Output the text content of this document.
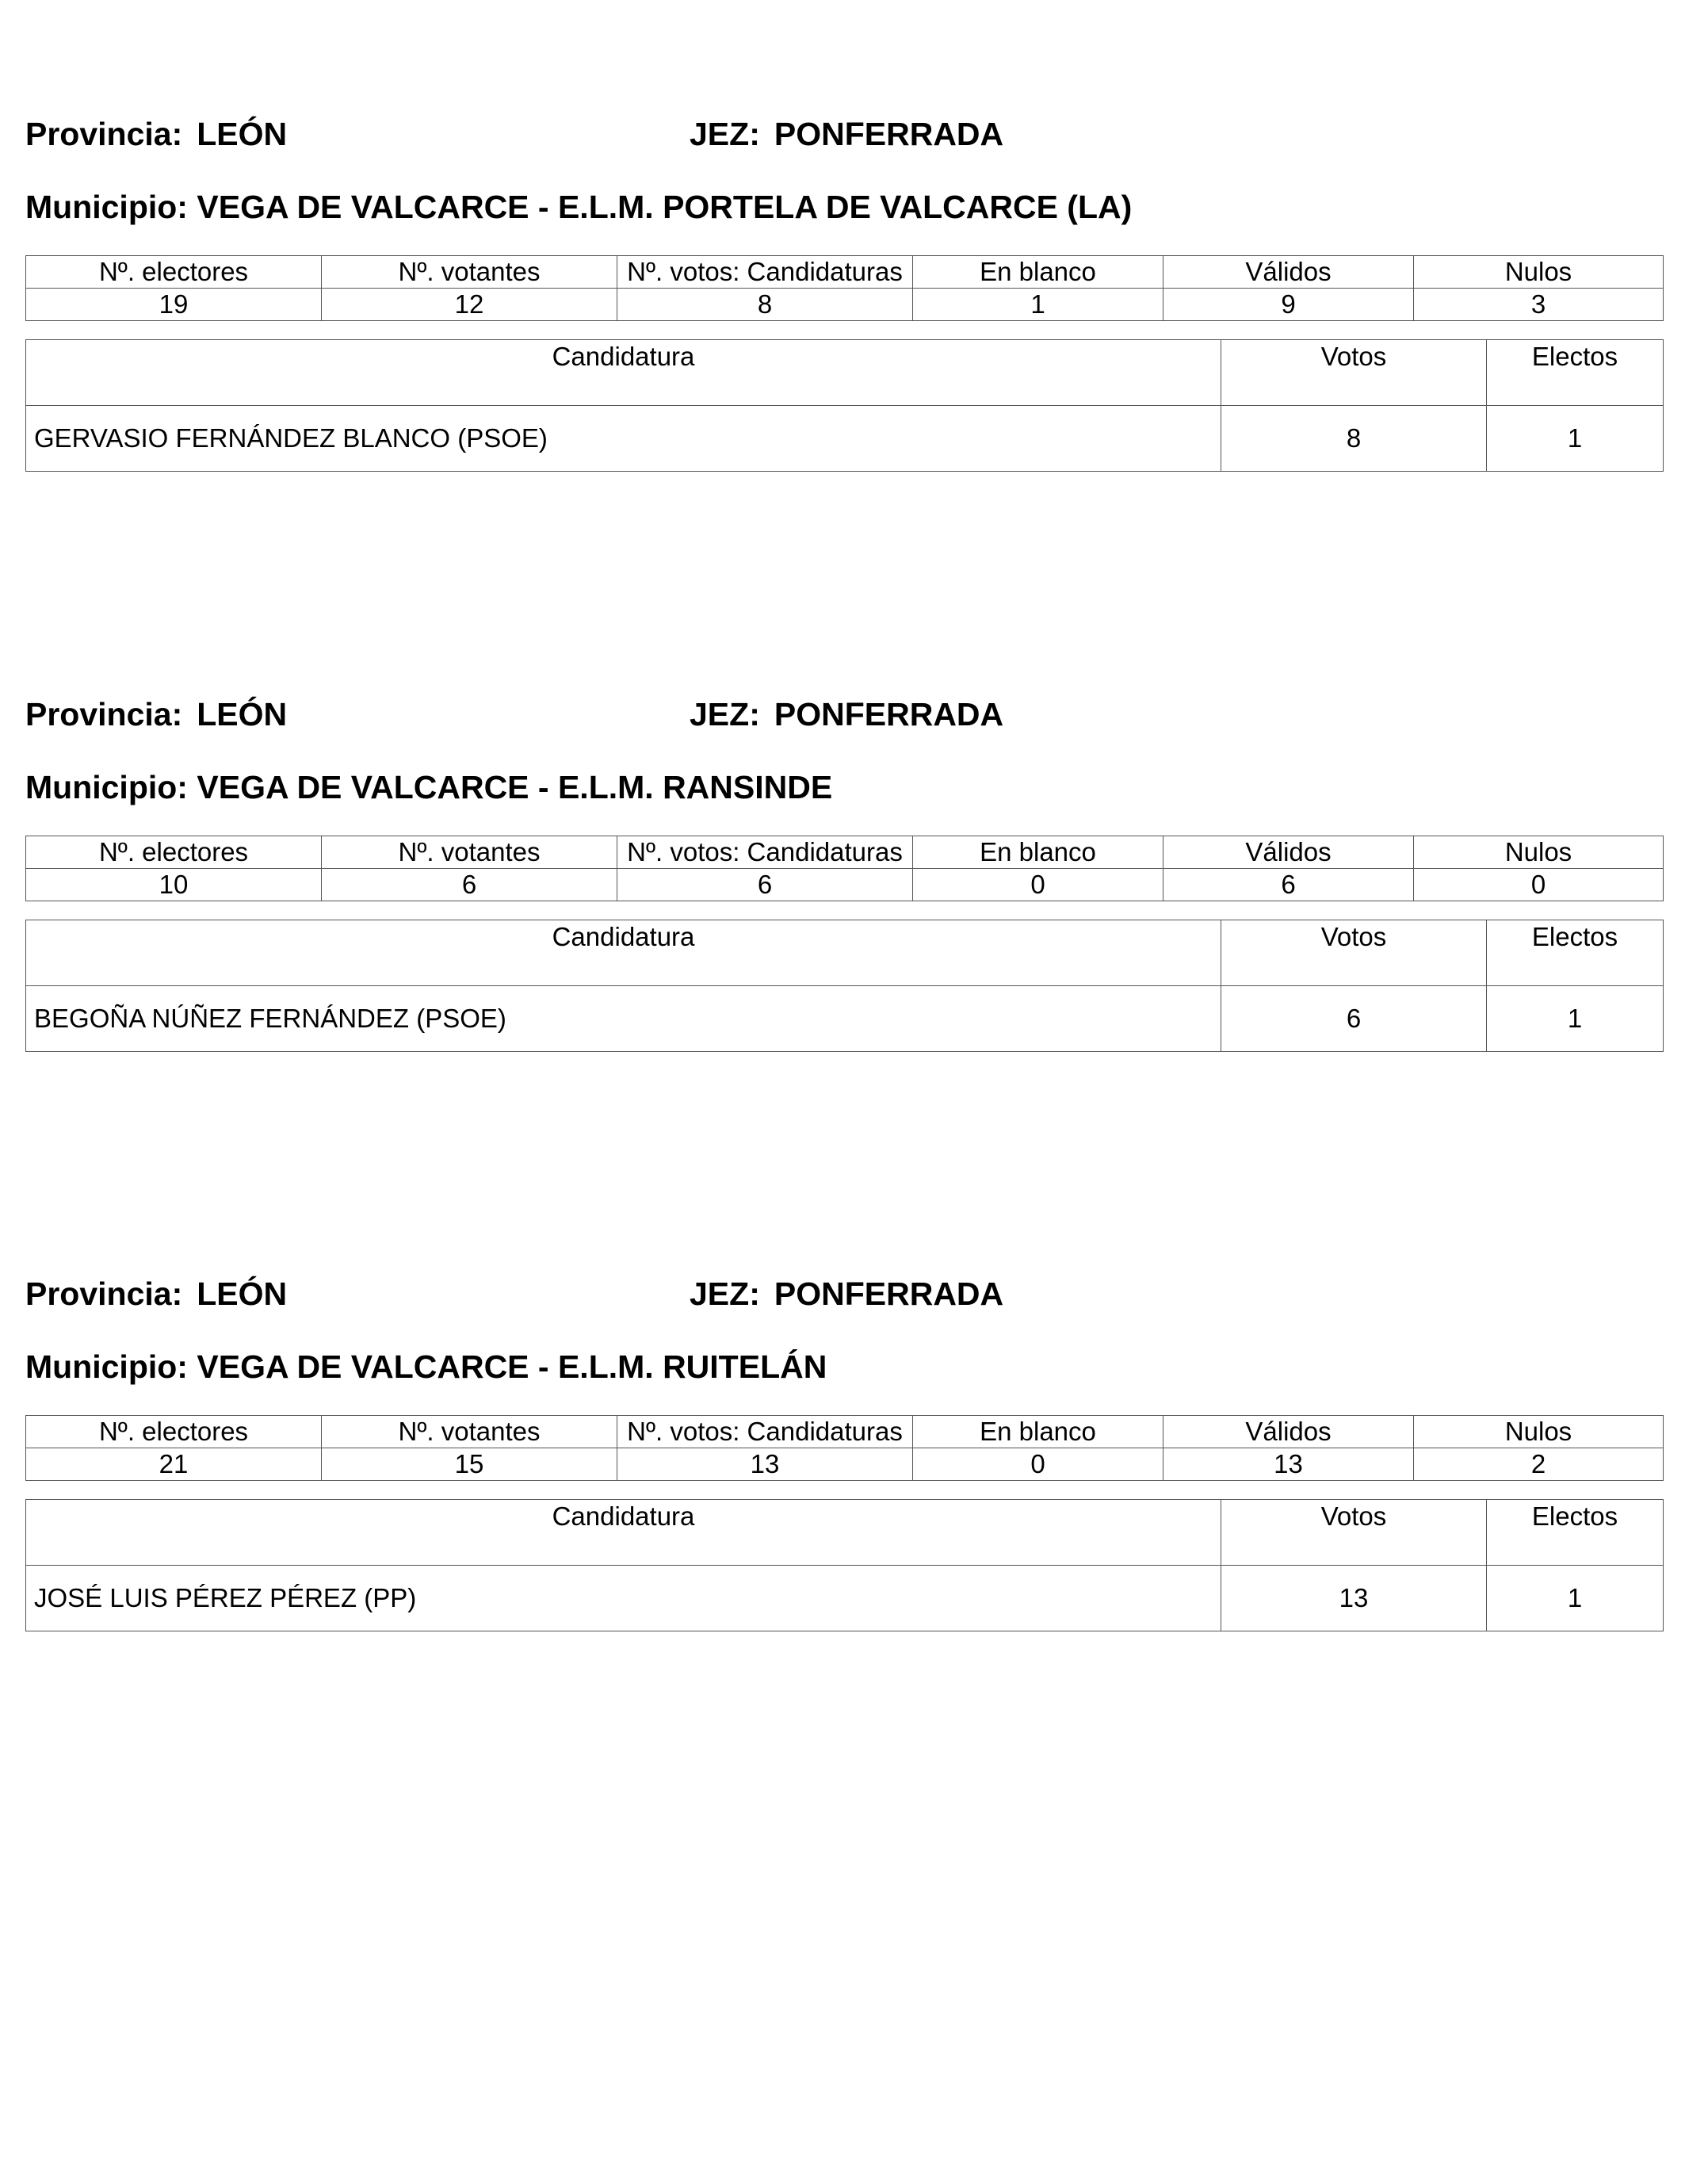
Provincia: LEÓN	JEZ: PONFERRADA
Municipio: VEGA DE VALCARCE - E.L.M. PORTELA DE VALCARCE (LA)
Nº. electores	Nº. votantes	Nº. votos: Candidaturas	En blanco	Válidos	Nulos
19	12	8	1	9	3
Candidatura	Votos	Electos
GERVASIO FERNÁNDEZ BLANCO (PSOE)	8	1
Provincia: LEÓN	JEZ: PONFERRADA
Municipio: VEGA DE VALCARCE - E.L.M. RANSINDE
Nº. electores	Nº. votantes	Nº. votos: Candidaturas	En blanco	Válidos	Nulos
10	6	6	0	6	0
Candidatura	Votos	Electos
BEGOÑA NÚÑEZ FERNÁNDEZ (PSOE)	6	1
Provincia: LEÓN	JEZ: PONFERRADA
Municipio: VEGA DE VALCARCE - E.L.M. RUITELÁN
Nº. electores	Nº. votantes	Nº. votos: Candidaturas	En blanco	Válidos	Nulos
21	15	13	0	13	2
Candidatura	Votos	Electos
JOSÉ LUIS PÉREZ PÉREZ (PP)	13	1
